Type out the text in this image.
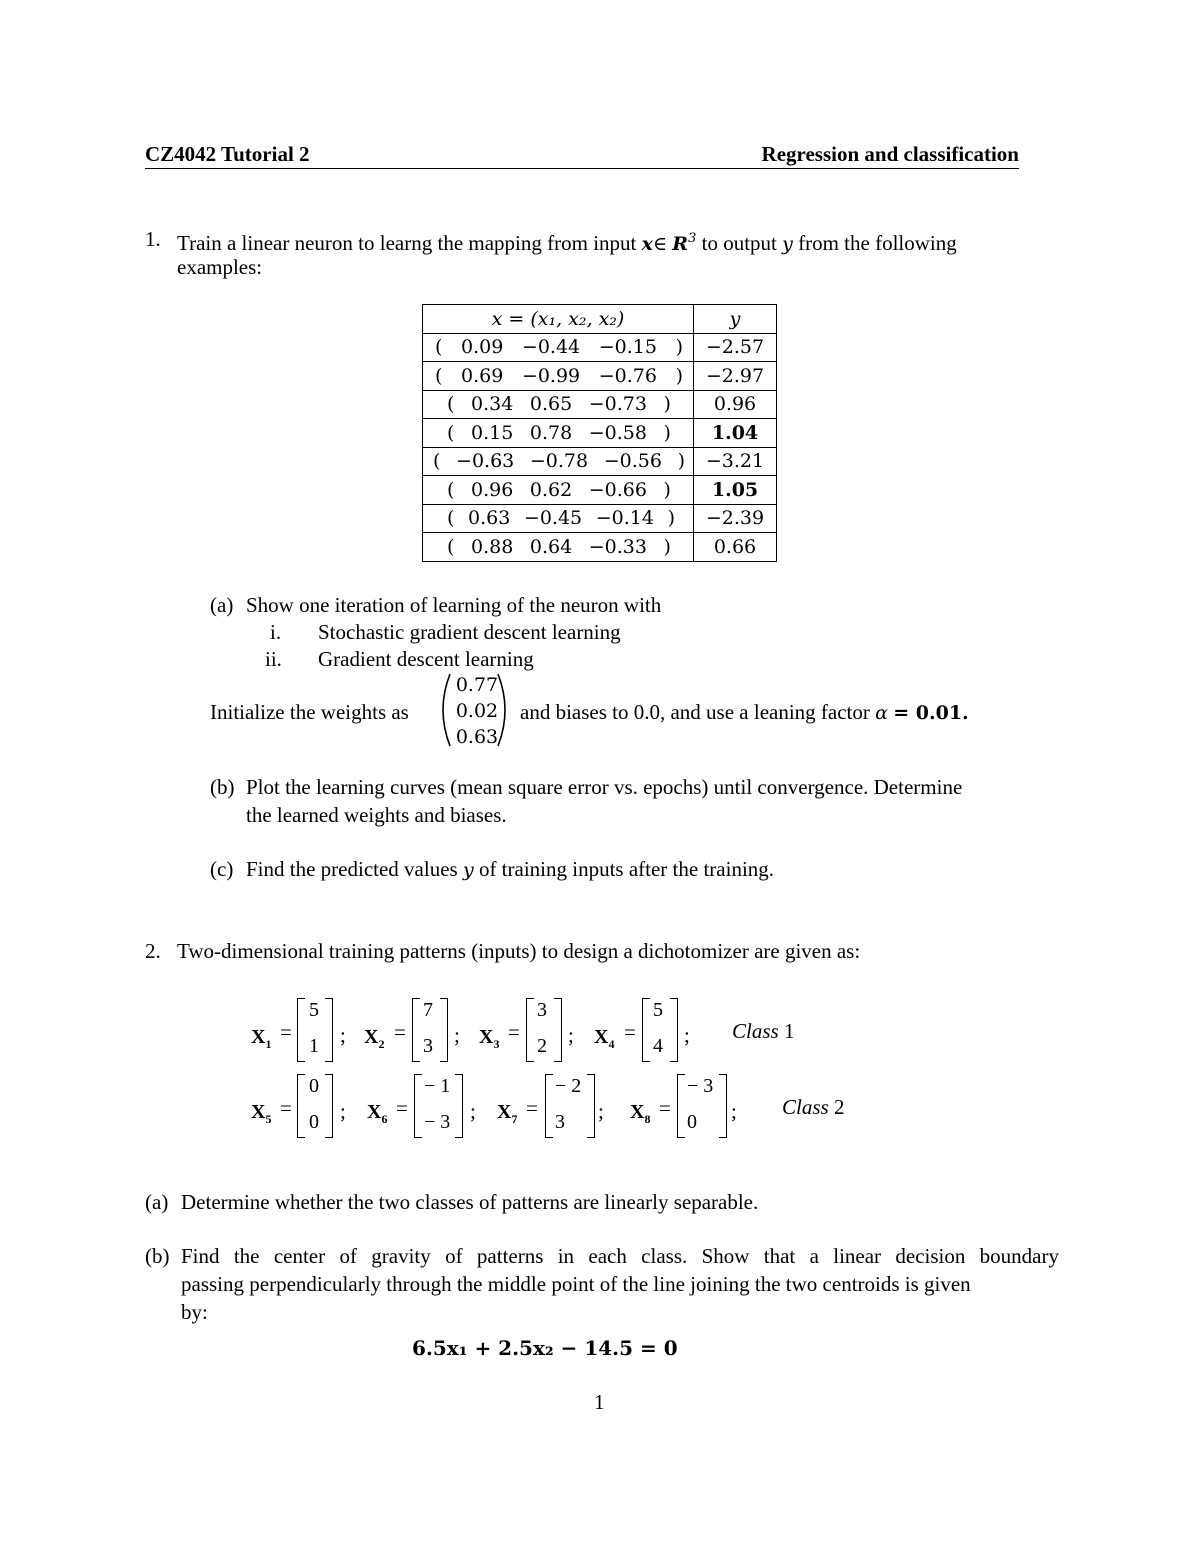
CZ4042 Tutorial 2	Regression and classification
1. Train a linear neuron to learng the mapping from input x∈ $R^3$ to output y from the following
examples:
x = (x₁, x₂, x₂)	y

( 0.09 −0.44 −0.15 )	−2.57

( 0.69 −0.99 −0.76 )	−2.97

( 0.34 0.65 −0.73 )	0.96

( 0.15 0.78 −0.58 )	1.04

( −0.63 −0.78 −0.56 )	−3.21

( 0.96 0.62 −0.66 )	1.05

( 0.63 −0.45 −0.14 )	−2.39

( 0.88 0.64 −0.33 )	0.66
(a) Show one iteration of learning of the neuron with
i. Stochastic gradient descent learning
ii. Gradient descent learning
Initialize the weights as
0.77
0.02
0.63
and biases to 0.0, and use a leaning factor α = 0.01.
(b) Plot the learning curves (mean square error vs. epochs) until convergence. Determine
the learned weights and biases.
(c) Find the predicted values y of training inputs after the training.
2. Two-dimensional training patterns (inputs) to design a dichotomizer are given as:
$X_1$ =
5
1 ; $X_2$ =
7
3 ; $X_3$ =
3
2 ; $X_4$ =
5
4 ; Class 1
$X_5$ =
0
0 ; $X_6$ =
− 1
− 3 ; $X_7$ =
− 2
3 ; $X_8$ =
− 3
0 ; Class 2
(a) Determine whether the two classes of patterns are linearly separable.
(b) Find the center of gravity of patterns in each class. Show that a linear decision boundary
passing perpendicularly through the middle point of the line joining the two centroids is given
by:
6.5x₁ + 2.5x₂ − 14.5 = 0
1
